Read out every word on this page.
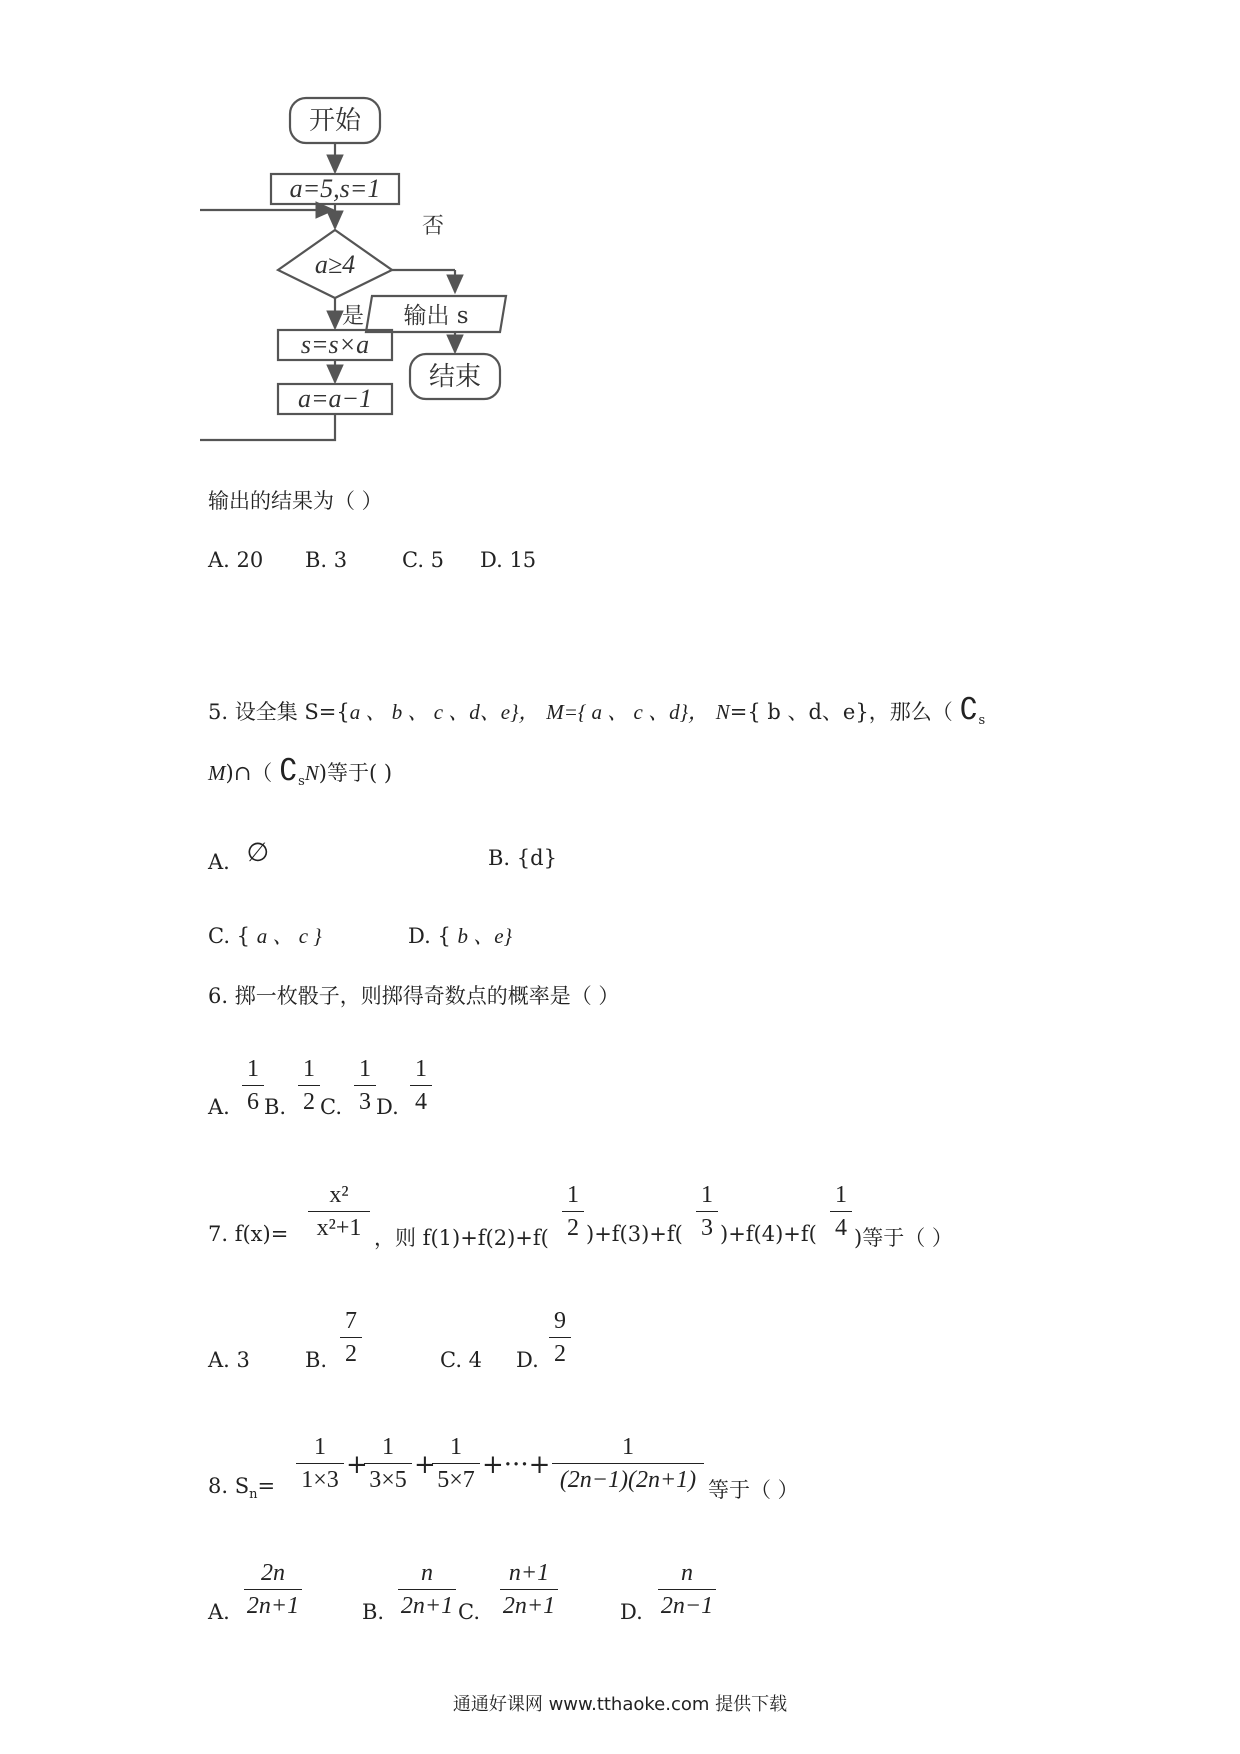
开始
a=5,s=1
a≥4
否
是
s=s×a
a=a−1
输出 s
结束
输出的结果为（ ）
A. 20 B. 3	C. 5 D. 15
5. 设全集 S={a 、 b 、 c 、d、e}， M={ a 、 c 、d}， N={ b 、d、e}，那么（ $∁_s$
M)∩（ $∁_sN$)等于( )
A. ∅	B. {d}
C. { a 、 c }	D. { b 、e}
6. 掷一枚骰子，则掷得奇数点的概率是（ ）
A.
1
6 B.
1
2 C.
1
3 D.
1
4
7. f(x)=
x²
x²+1 ，则 f(1)+f(2)+f(
1
2 )+f(3)+f(
1
3 )+f(4)+f(
1
4 )等于（ ）
A. 3	B.
7
2	C. 4 D.
9
2
8. $S_n=$
1
1×3 +
1
3×5 +
1
5×7 +···+
1
(2n−1)(2n+1) 等于（ ）
A.
2n
2n+1	B.
n
2n+1 C.
n+1
2n+1	D.
n
2n−1
通通好课网 www.tthaoke.com 提供下载
